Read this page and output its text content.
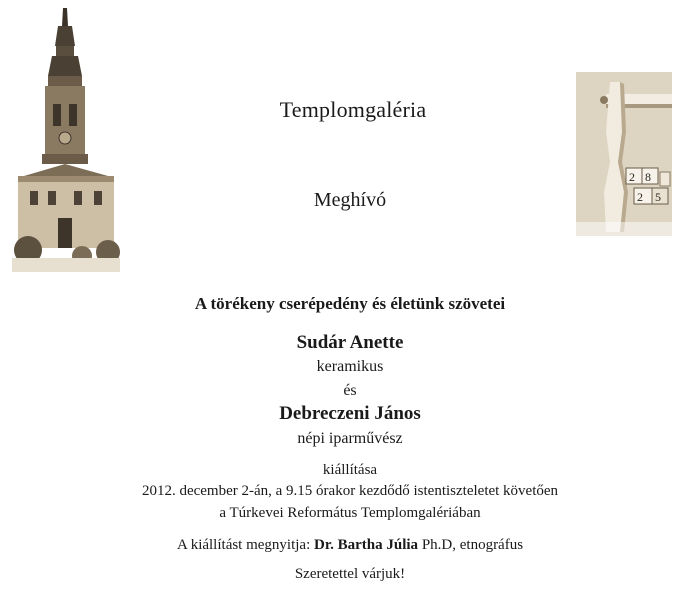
2 8
2 5
Templomgaléria
Meghívó
A törékeny cserépedény és életünk szövetei
Sudár Anette
keramikus
és
Debreczeni János
népi iparművész
kiállítása
2012. december 2-án, a 9.15 órakor kezdődő istentiszteletet követően
a Túrkevei Református Templomgalériában
A kiállítást megnyitja: Dr. Bartha Júlia Ph.D, etnográfus
Szeretettel várjuk!
